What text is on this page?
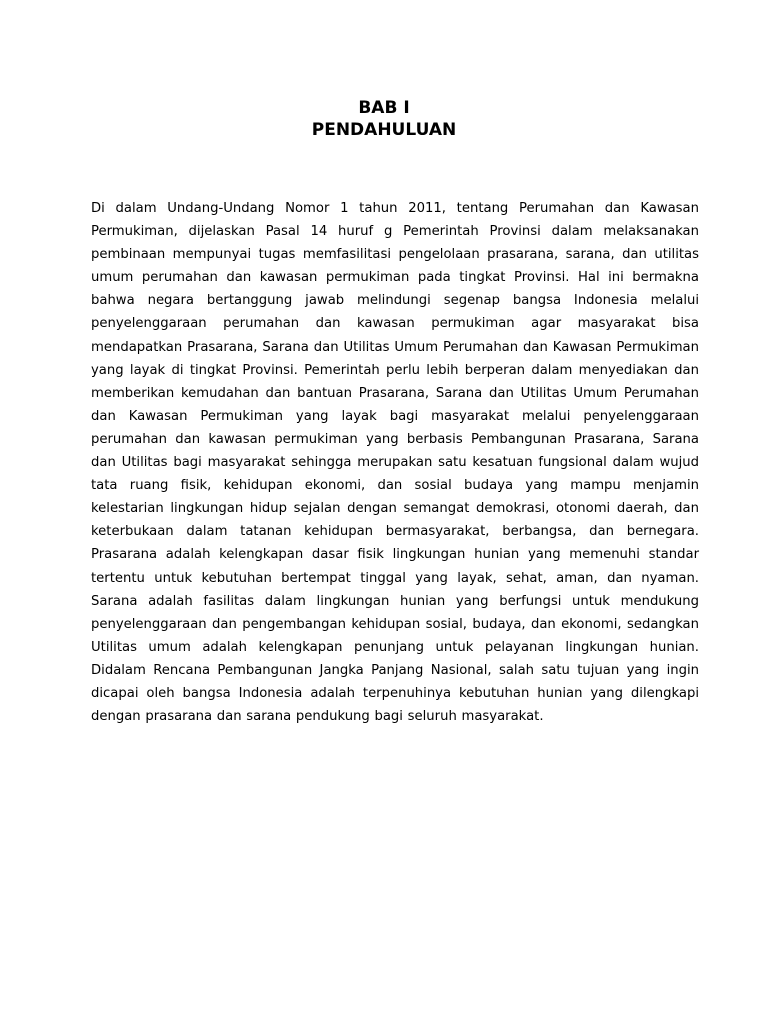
BAB I
PENDAHULUAN

Di dalam Undang-Undang Nomor 1 tahun 2011, tentang Perumahan dan Kawasan Permukiman, dijelaskan Pasal 14 huruf g Pemerintah Provinsi dalam melaksanakan pembinaan mempunyai tugas memfasilitasi pengelolaan prasarana, sarana, dan utilitas umum perumahan dan kawasan permukiman pada tingkat Provinsi. Hal ini bermakna bahwa negara bertanggung jawab melindungi segenap bangsa Indonesia melalui penyelenggaraan perumahan dan kawasan permukiman agar masyarakat bisa mendapatkan Prasarana, Sarana dan Utilitas Umum Perumahan dan Kawasan Permukiman yang layak di tingkat Provinsi. Pemerintah perlu lebih berperan dalam menyediakan dan memberikan kemudahan dan bantuan Prasarana, Sarana dan Utilitas Umum Perumahan dan Kawasan Permukiman yang layak bagi masyarakat melalui penyelenggaraan perumahan dan kawasan permukiman yang berbasis Pembangunan Prasarana, Sarana dan Utilitas bagi masyarakat sehingga merupakan satu kesatuan fungsional dalam wujud tata ruang fisik, kehidupan ekonomi, dan sosial budaya yang mampu menjamin kelestarian lingkungan hidup sejalan dengan semangat demokrasi, otonomi daerah, dan keterbukaan dalam tatanan kehidupan bermasyarakat, berbangsa, dan bernegara. Prasarana adalah kelengkapan dasar fisik lingkungan hunian yang memenuhi standar tertentu untuk kebutuhan bertempat tinggal yang layak, sehat, aman, dan nyaman. Sarana adalah fasilitas dalam lingkungan hunian yang berfungsi untuk mendukung penyelenggaraan dan pengembangan kehidupan sosial, budaya, dan ekonomi, sedangkan Utilitas umum adalah kelengkapan penunjang untuk pelayanan lingkungan hunian. Didalam Rencana Pembangunan Jangka Panjang Nasional, salah satu tujuan yang ingin dicapai oleh bangsa Indonesia adalah terpenuhinya kebutuhan hunian yang dilengkapi dengan prasarana dan sarana pendukung bagi seluruh masyarakat.
